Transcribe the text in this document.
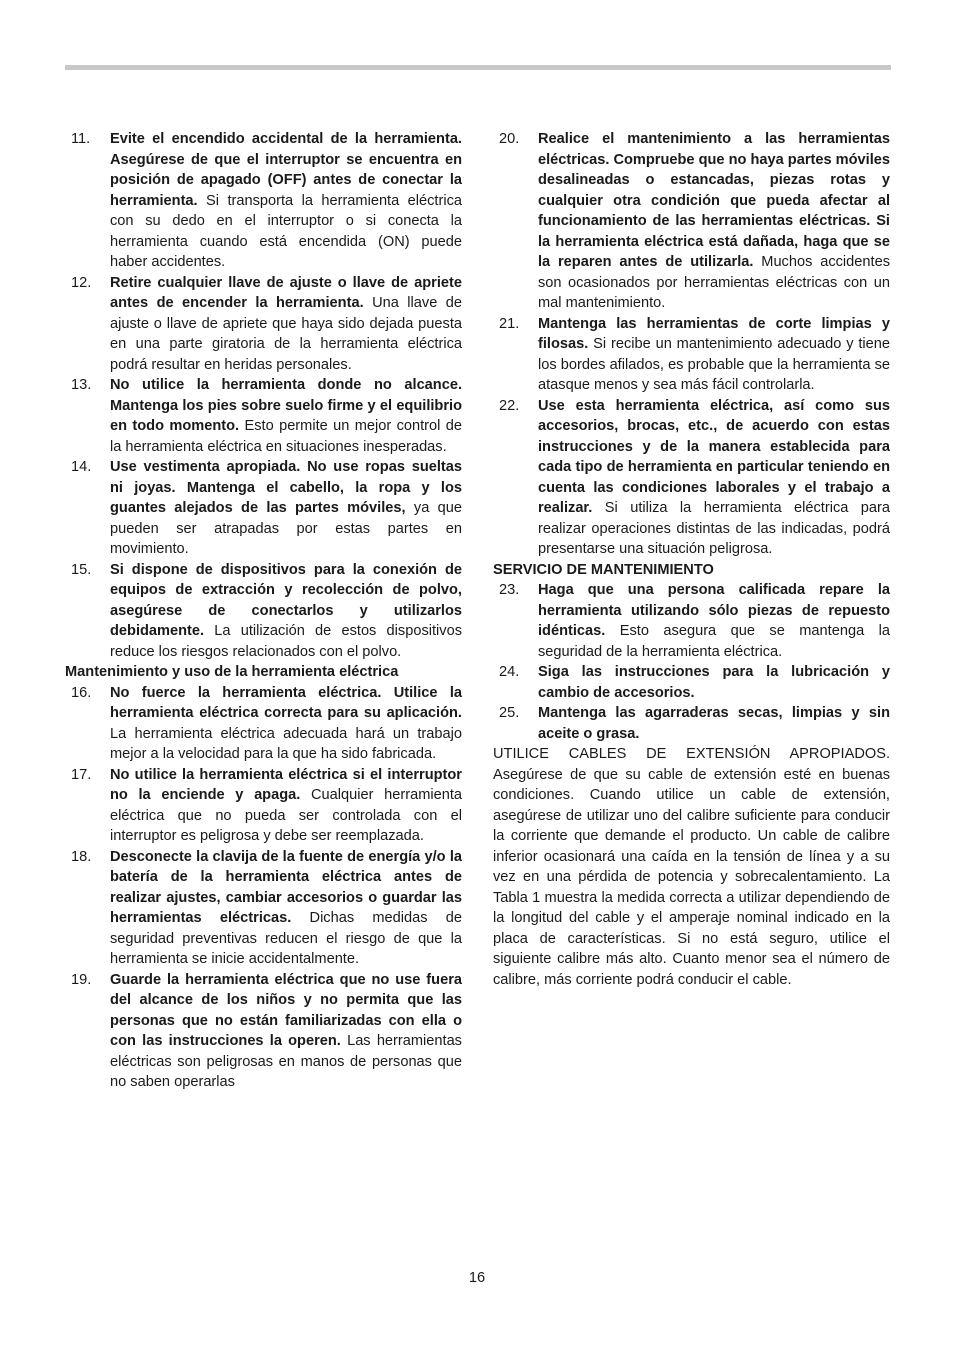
11.	Evite el encendido accidental de la herramienta. Asegúrese de que el interruptor se encuentra en posición de apagado (OFF) antes de conectar la herramienta. Si transporta la herramienta eléctrica con su dedo en el interruptor o si conecta la herramienta cuando está encendida (ON) puede haber accidentes.
12.	Retire cualquier llave de ajuste o llave de apriete antes de encender la herramienta. Una llave de ajuste o llave de apriete que haya sido dejada puesta en una parte giratoria de la herramienta eléctrica podrá resultar en heridas personales.
13.	No utilice la herramienta donde no alcance. Mantenga los pies sobre suelo firme y el equilibrio en todo momento. Esto permite un mejor control de la herramienta eléctrica en situaciones inesperadas.
14.	Use vestimenta apropiada. No use ropas sueltas ni joyas. Mantenga el cabello, la ropa y los guantes alejados de las partes móviles, ya que pueden ser atrapadas por estas partes en movimiento.
15.	Si dispone de dispositivos para la conexión de equipos de extracción y recolección de polvo, asegúrese de conectarlos y utilizarlos debidamente. La utilización de estos dispositivos reduce los riesgos relacionados con el polvo.
Mantenimiento y uso de la herramienta eléctrica
16.	No fuerce la herramienta eléctrica. Utilice la herramienta eléctrica correcta para su aplicación. La herramienta eléctrica adecuada hará un trabajo mejor a la velocidad para la que ha sido fabricada.
17.	No utilice la herramienta eléctrica si el interruptor no la enciende y apaga. Cualquier herramienta eléctrica que no pueda ser controlada con el interruptor es peligrosa y debe ser reemplazada.
18.	Desconecte la clavija de la fuente de energía y/o la batería de la herramienta eléctrica antes de realizar ajustes, cambiar accesorios o guardar las herramientas eléctricas. Dichas medidas de seguridad preventivas reducen el riesgo de que la herramienta se inicie accidentalmente.
19.	Guarde la herramienta eléctrica que no use fuera del alcance de los niños y no permita que las personas que no están familiarizadas con ella o con las instrucciones la operen. Las herramientas eléctricas son peligrosas en manos de personas que no saben operarlas
20.	Realice el mantenimiento a las herramientas eléctricas. Compruebe que no haya partes móviles desalineadas o estancadas, piezas rotas y cualquier otra condición que pueda afectar al funcionamiento de las herramientas eléctricas. Si la herramienta eléctrica está dañada, haga que se la reparen antes de utilizarla. Muchos accidentes son ocasionados por herramientas eléctricas con un mal mantenimiento.
21.	Mantenga las herramientas de corte limpias y filosas. Si recibe un mantenimiento adecuado y tiene los bordes afilados, es probable que la herramienta se atasque menos y sea más fácil controlarla.
22.	Use esta herramienta eléctrica, así como sus accesorios, brocas, etc., de acuerdo con estas instrucciones y de la manera establecida para cada tipo de herramienta en particular teniendo en cuenta las condiciones laborales y el trabajo a realizar. Si utiliza la herramienta eléctrica para realizar operaciones distintas de las indicadas, podrá presentarse una situación peligrosa.
SERVICIO DE MANTENIMIENTO
23.	Haga que una persona calificada repare la herramienta utilizando sólo piezas de repuesto idénticas. Esto asegura que se mantenga la seguridad de la herramienta eléctrica.
24.	Siga las instrucciones para la lubricación y cambio de accesorios.
25.	Mantenga las agarraderas secas, limpias y sin aceite o grasa.
UTILICE CABLES DE EXTENSIÓN APROPIADOS. Asegúrese de que su cable de extensión esté en buenas condiciones. Cuando utilice un cable de extensión, asegúrese de utilizar uno del calibre suficiente para conducir la corriente que demande el producto. Un cable de calibre inferior ocasionará una caída en la tensión de línea y a su vez en una pérdida de potencia y sobrecalentamiento. La Tabla 1 muestra la medida correcta a utilizar dependiendo de la longitud del cable y el amperaje nominal indicado en la placa de características. Si no está seguro, utilice el siguiente calibre más alto. Cuanto menor sea el número de calibre, más corriente podrá conducir el cable.
16
